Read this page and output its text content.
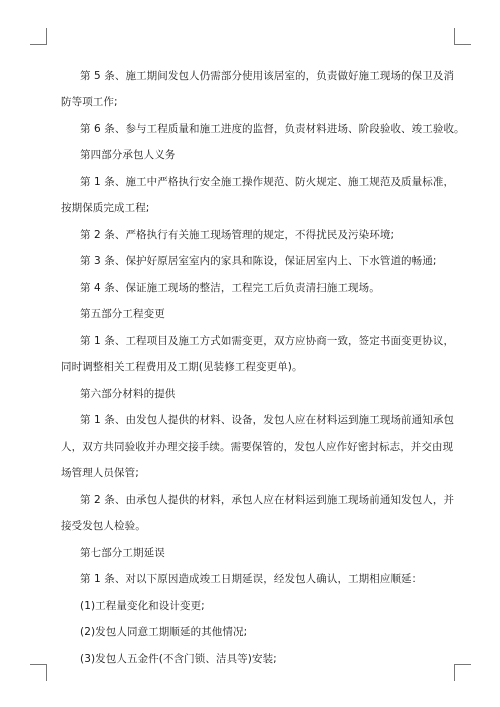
第 5 条、施工期间发包人仍需部分使用该居室的，负责做好施工现场的保卫及消
防等项工作;
第 6 条、参与工程质量和施工进度的监督，负责材料进场、阶段验收、竣工验收。
第四部分承包人义务
第 1 条、施工中严格执行安全施工操作规范、防火规定、施工规范及质量标准，
按期保质完成工程;
第 2 条、严格执行有关施工现场管理的规定，不得扰民及污染环境;
第 3 条、保护好原居室室内的家具和陈设，保证居室内上、下水管道的畅通;
第 4 条、保证施工现场的整洁，工程完工后负责清扫施工现场。
第五部分工程变更
第 1 条、工程项目及施工方式如需变更，双方应协商一致，签定书面变更协议，
同时调整相关工程费用及工期(见装修工程变更单)。
第六部分材料的提供
第 1 条、由发包人提供的材料、设备，发包人应在材料运到施工现场前通知承包
人，双方共同验收并办理交接手续。需要保管的，发包人应作好密封标志，并交由现
场管理人员保管;
第 2 条、由承包人提供的材料，承包人应在材料运到施工现场前通知发包人，并
接受发包人检验。
第七部分工期延误
第 1 条、对以下原因造成竣工日期延误，经发包人确认，工期相应顺延：
(1)工程量变化和设计变更;
(2)发包人同意工期顺延的其他情况;
(3)发包人五金件(不含门锁、洁具等)安装;
